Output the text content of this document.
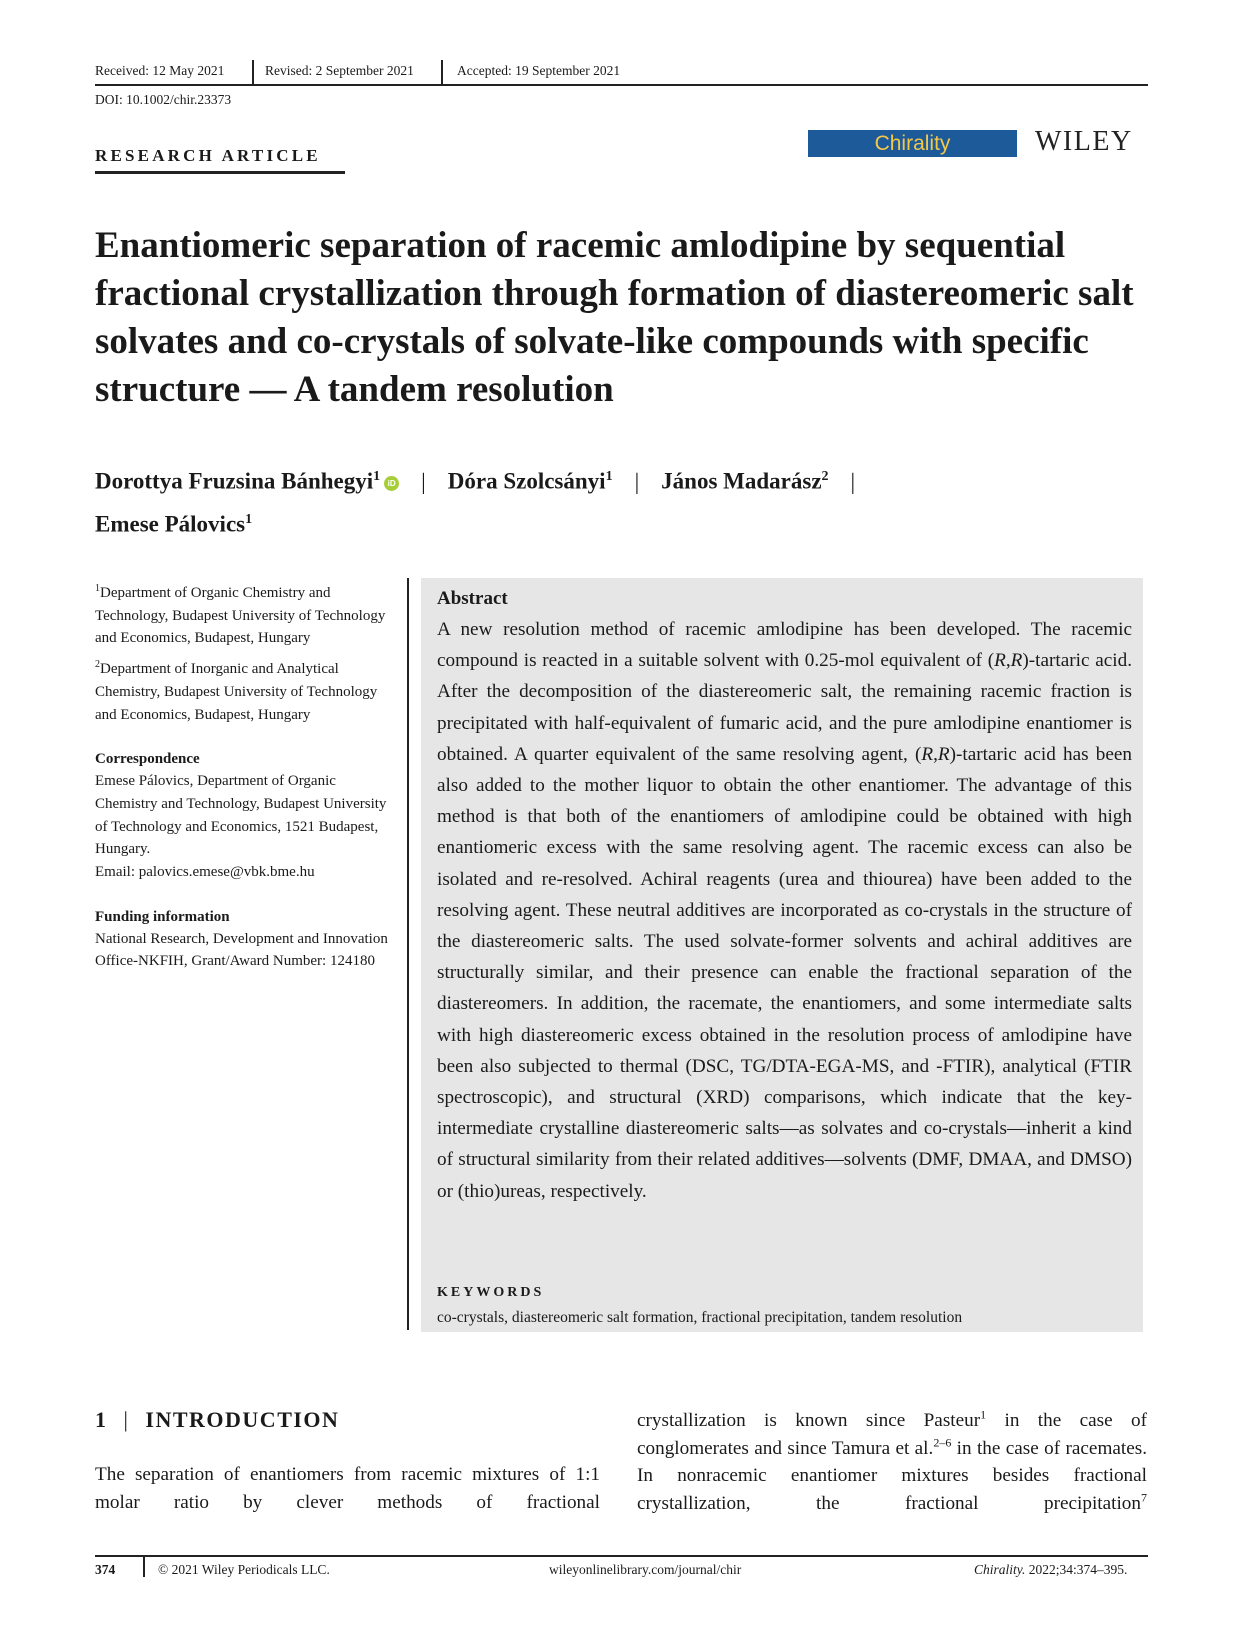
Received: 12 May 2021	Revised: 2 September 2021	Accepted: 19 September 2021
DOI: 10.1002/chir.23373
RESEARCH ARTICLE
Chirality	WILEY
Enantiomeric separation of racemic amlodipine by sequential fractional crystallization through formation of diastereomeric salt solvates and co-crystals of solvate-like compounds with specific structure — A tandem resolution
Dorottya Fruzsina Bánhegyi$^1$ iD | Dóra Szolcsányi$^1$ | János Madarász$^2$ |
Emese Pálovics$^1$

$^1$Department of Organic Chemistry and Technology, Budapest University of Technology and Economics, Budapest, Hungary

$^2$Department of Inorganic and Analytical Chemistry, Budapest University of Technology and Economics, Budapest, Hungary

Correspondence

Emese Pálovics, Department of Organic Chemistry and Technology, Budapest University of Technology and Economics, 1521 Budapest, Hungary.

Email: palovics.emese@vbk.bme.hu

Funding information

National Research, Development and Innovation Office-NKFIH, Grant/Award Number: 124180

Abstract
A new resolution method of racemic amlodipine has been developed. The racemic compound is reacted in a suitable solvent with 0.25-mol equivalent of (R,R)-tartaric acid. After the decomposition of the diastereomeric salt, the remaining racemic fraction is precipitated with half-equivalent of fumaric acid, and the pure amlodipine enantiomer is obtained. A quarter equivalent of the same resolving agent, (R,R)-tartaric acid has been also added to the mother liquor to obtain the other enantiomer. The advantage of this method is that both of the enantiomers of amlodipine could be obtained with high enantiomeric excess with the same resolving agent. The racemic excess can also be isolated and re-resolved. Achiral reagents (urea and thiourea) have been added to the resolving agent. These neutral additives are incorporated as co-crystals in the structure of the diastereomeric salts. The used solvate-former solvents and achiral additives are structurally similar, and their presence can enable the fractional separation of the diastereomers. In addition, the racemate, the enantiomers, and some intermediate salts with high diastereomeric excess obtained in the resolution process of amlodipine have been also subjected to thermal (DSC, TG/DTA-EGA-MS, and -FTIR), analytical (FTIR spectroscopic), and structural (XRD) comparisons, which indicate that the key-intermediate crystalline diastereomeric salts—as solvates and co-crystals—inherit a kind of structural similarity from their related additives—solvents (DMF, DMAA, and DMSO) or (thio)ureas, respectively.
KEYWORDS
co-crystals, diastereomeric salt formation, fractional precipitation, tandem resolution
1 | INTRODUCTION
The separation of enantiomers from racemic mixtures of 1:1 molar ratio by clever methods of fractional
crystallization is known since Pasteur$^1$ in the case of conglomerates and since Tamura et al.$^{2-6}$ in the case of racemates. In nonracemic enantiomer mixtures besides fractional crystallization, the fractional precipitation$^7$
374	© 2021 Wiley Periodicals LLC.	wileyonlinelibrary.com/journal/chir	Chirality. 2022;34:374–395.
